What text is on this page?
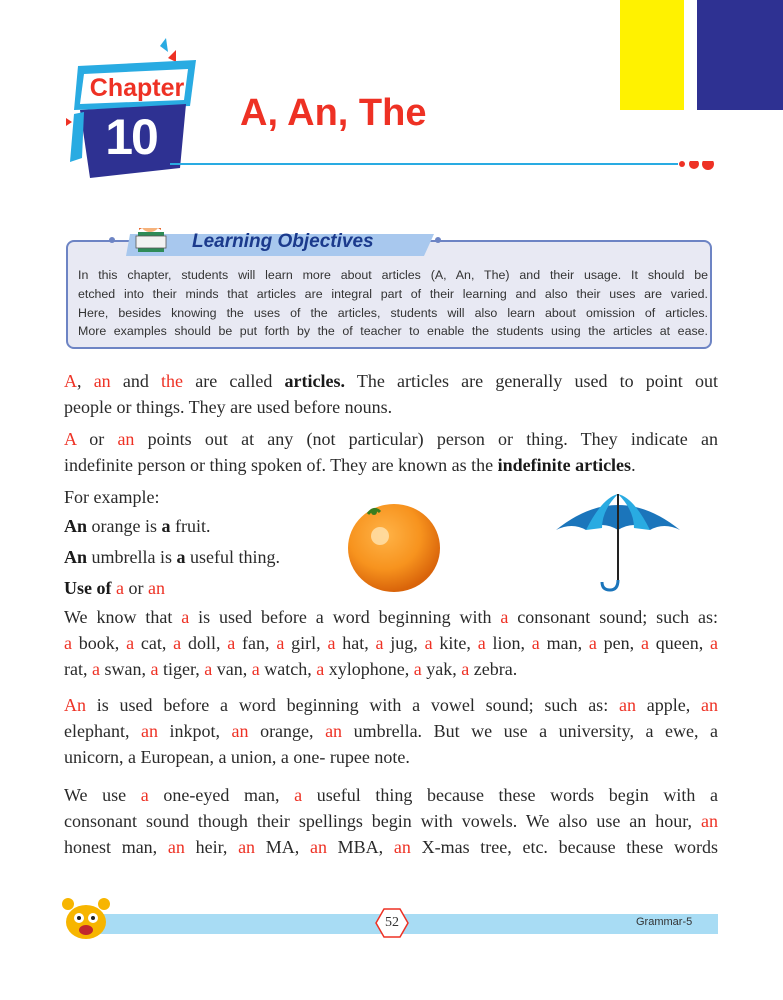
Chapter
10	A, An, The
Learning Objectives
In this chapter, students will learn more about articles (A, An, The) and their usage. It should be
etched into their minds that articles are integral part of their learning and also their uses are varied.
Here, besides knowing the uses of the articles, students will also learn about omission of articles.
More examples should be put forth by the of teacher to enable the students using the articles at ease.
A, an and the are called articles. The articles are generally used to point out
people or things. They are used before nouns.
A or an points out at any (not particular) person or thing. They indicate an
indefinite person or thing spoken of. They are known as the indefinite articles.
For example:
An orange is a fruit.
An umbrella is a useful thing.
Use of a or an
We know that a is used before a word beginning with a consonant sound; such as:
a book, a cat, a doll, a fan, a girl, a hat, a jug, a kite, a lion, a man, a pen, a queen, a
rat, a swan, a tiger, a van, a watch, a xylophone, a yak, a zebra.
An is used before a word beginning with a vowel sound; such as: an apple, an
elephant, an inkpot, an orange, an umbrella. But we use a university, a ewe, a
unicorn, a European, a union, a one- rupee note.
We use a one-eyed man, a useful thing because these words begin with a
consonant sound though their spellings begin with vowels. We also use an hour, an
honest man, an heir, an MA, an MBA, an X-mas tree, etc. because these words
52	Grammar-5
